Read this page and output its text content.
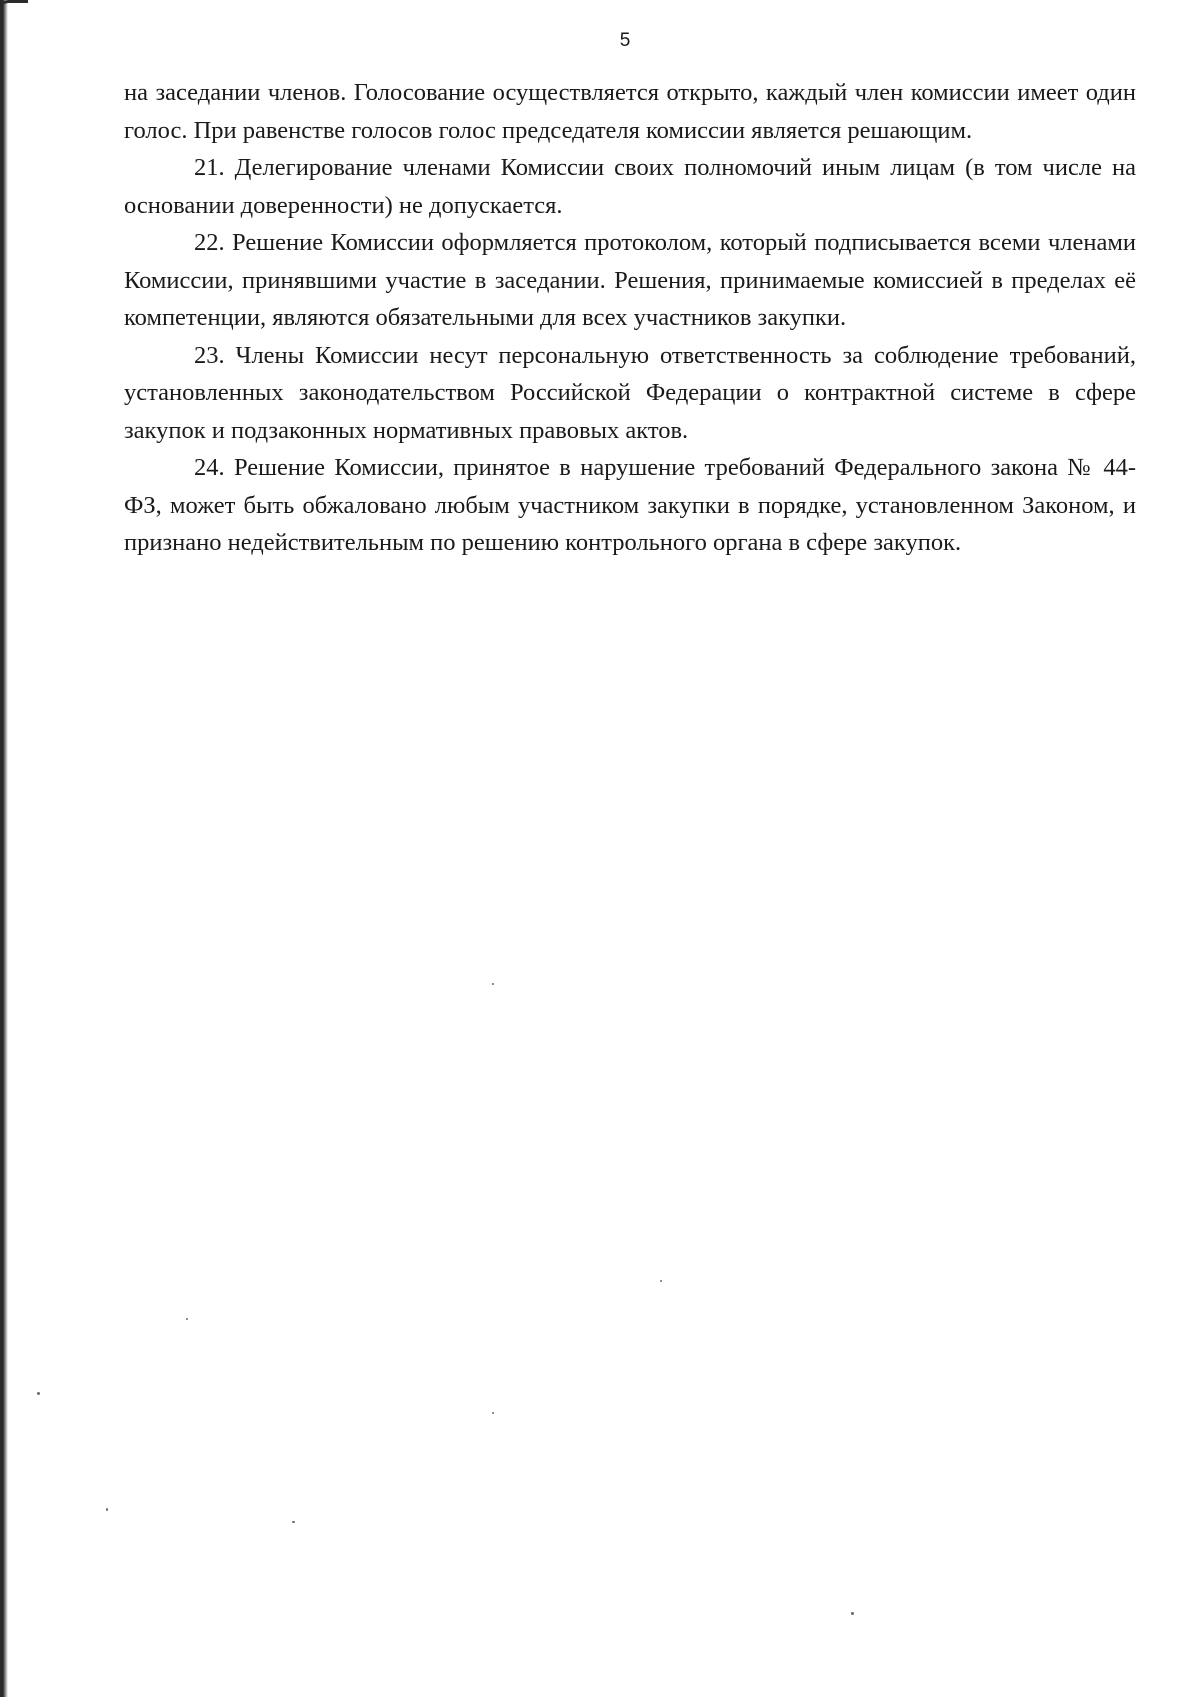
5

на заседании членов. Голосование осуществляется открыто, каждый член комиссии имеет один голос. При равенстве голосов голос председателя комиссии является решающим.

21. Делегирование членами Комиссии своих полномочий иным лицам (в том числе на основании доверенности) не допускается.

22. Решение Комиссии оформляется протоколом, который подписывается всеми членами Комиссии, принявшими участие в заседании. Решения, принимаемые комиссией в пределах её компетенции, являются обязательными для всех участников закупки.

23. Члены Комиссии несут персональную ответственность за соблюдение требований, установленных законодательством Российской Федерации о контрактной системе в сфере закупок и подзаконных нормативных правовых актов.

24. Решение Комиссии, принятое в нарушение требований Федерального закона № 44-ФЗ, может быть обжаловано любым участником закупки в порядке, установленном Законом, и признано недействительным по решению контрольного органа в сфере закупок.
